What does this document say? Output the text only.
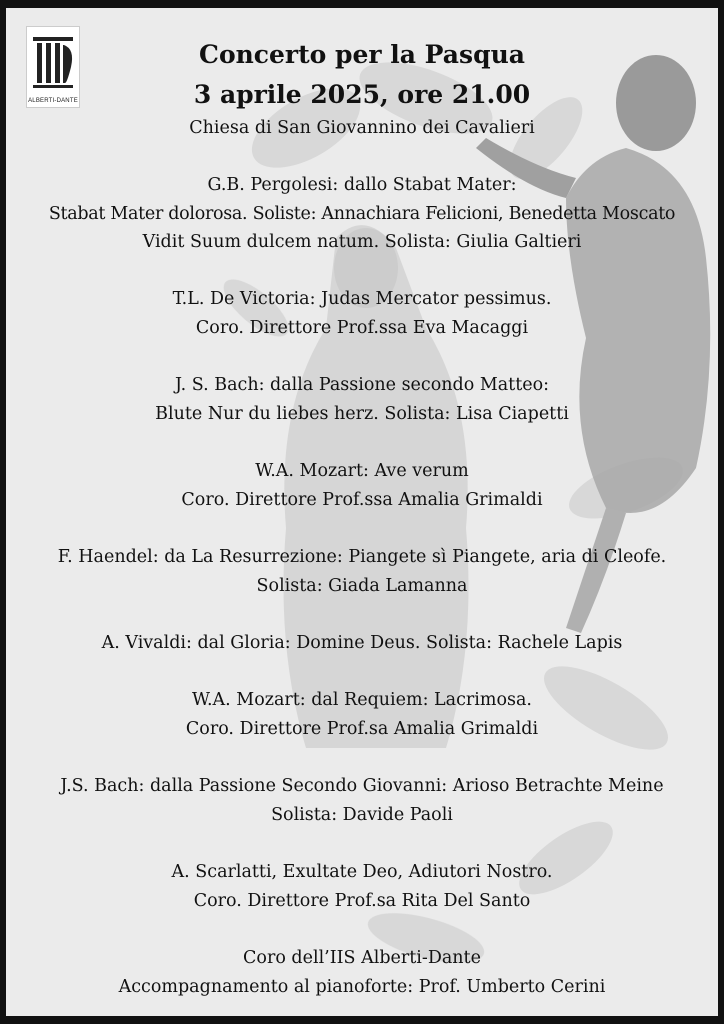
ALBERTI-DANTE
Concerto per la Pasqua
3 aprile 2025, ore 21.00
Chiesa di San Giovannino dei Cavalieri
G.B. Pergolesi: dallo Stabat Mater:
Stabat Mater dolorosa. Soliste: Annachiara Felicioni, Benedetta Moscato
Vidit Suum dulcem natum. Solista: Giulia Galtieri
T.L. De Victoria: Judas Mercator pessimus.
Coro. Direttore Prof.ssa Eva Macaggi
J. S. Bach: dalla Passione secondo Matteo:
Blute Nur du liebes herz. Solista: Lisa Ciapetti
W.A. Mozart: Ave verum
Coro. Direttore Prof.ssa Amalia Grimaldi
F. Haendel: da La Resurrezione: Piangete sì Piangete, aria di Cleofe.
Solista: Giada Lamanna
A. Vivaldi: dal Gloria: Domine Deus. Solista: Rachele Lapis
W.A. Mozart: dal Requiem: Lacrimosa.
Coro. Direttore Prof.sa Amalia Grimaldi
J.S. Bach: dalla Passione Secondo Giovanni: Arioso Betrachte Meine
Solista: Davide Paoli
A. Scarlatti, Exultate Deo, Adiutori Nostro.
Coro. Direttore Prof.sa Rita Del Santo
Coro dell’IIS Alberti-Dante
Accompagnamento al pianoforte: Prof. Umberto Cerini
